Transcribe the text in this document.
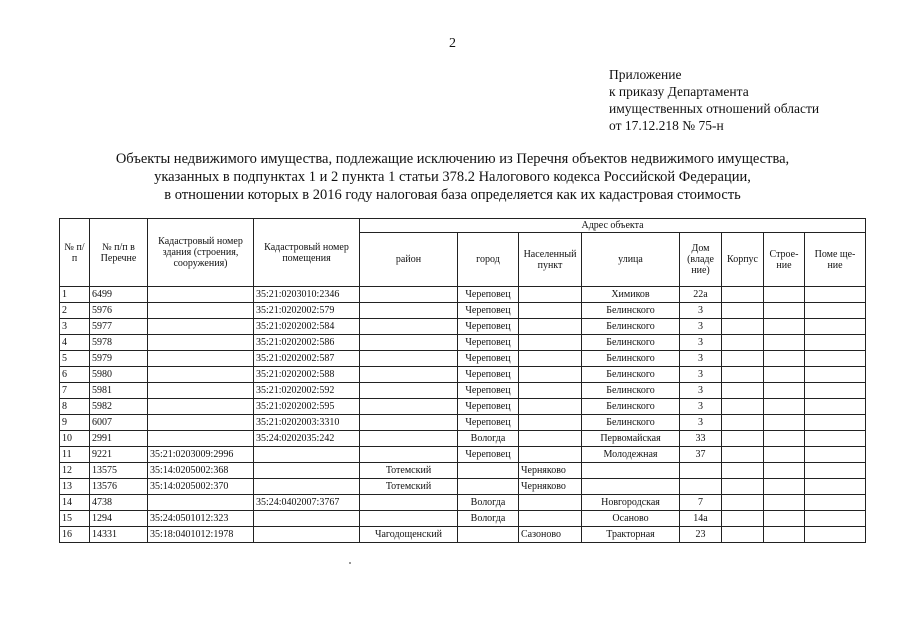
2
Приложение
к приказу Департамента
имущественных отношений области
от 17.12.218 № 75-н
Объекты недвижимого имущества, подлежащие исключению из Перечня объектов недвижимого имущества,
указанных в подпунктах 1 и 2 пункта 1 статьи 378.2 Налогового кодекса Российской Федерации,
в отношении которых в 2016 году налоговая база определяется как их кадастровая стоимость
№ п/п	№ п/п в Перечне	Кадастровый номер здания (строения, сооружения)	Кадастровый номер помещения	Адрес объекта							
				район	город	Населенный пункт	улица	Дом (владе ние)	Корпус	Строе- ние	Поме ще- ние
1	6499		35:21:0203010:2346		Череповец		Химиков	22а			
2	5976		35:21:0202002:579		Череповец		Белинского	3			
3	5977		35:21:0202002:584		Череповец		Белинского	3			
4	5978		35:21:0202002:586		Череповец		Белинского	3			
5	5979		35:21:0202002:587		Череповец		Белинского	3			
6	5980		35:21:0202002:588		Череповец		Белинского	3			
7	5981		35:21:0202002:592		Череповец		Белинского	3			
8	5982		35:21:0202002:595		Череповец		Белинского	3			
9	6007		35:21:0202003:3310		Череповец		Белинского	3			
10	2991		35:24:0202035:242		Вологда		Первомайская	33			
11	9221	35:21:0203009:2996			Череповец		Молодежная	37			
12	13575	35:14:0205002:368		Тотемский		Черняково					
13	13576	35:14:0205002:370		Тотемский		Черняково					
14	4738		35:24:0402007:3767		Вологда		Новгородская	7			
15	1294	35:24:0501012:323			Вологда		Осаново	14а			
16	14331	35:18:0401012:1978		Чагодощенский		Сазоново	Тракторная	23			
